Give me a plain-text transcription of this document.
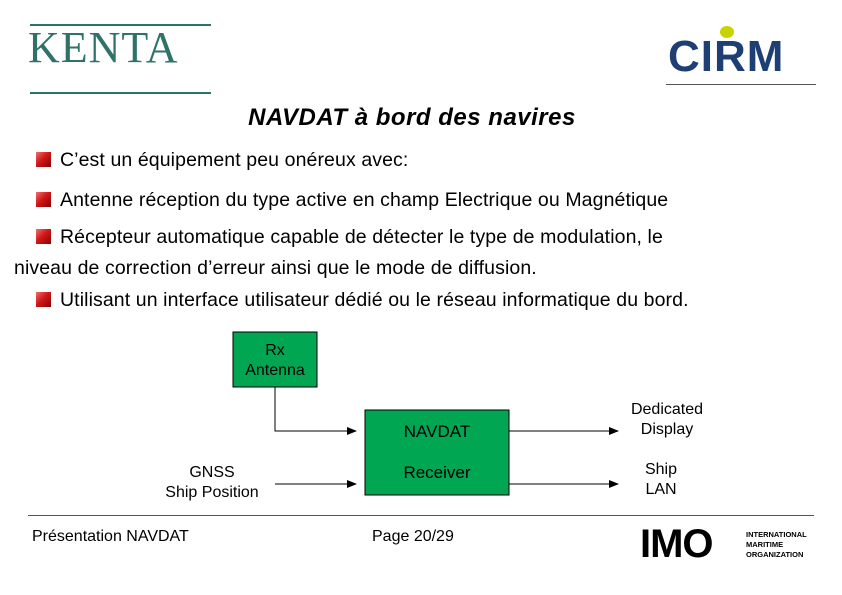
KENTA	CIRM
NAVDAT à bord des navires
C’est un équipement peu onéreux avec:
Antenne réception du type active en champ Electrique ou Magnétique
Récepteur automatique capable de détecter le type de modulation, le
niveau de correction d’erreur ainsi que le mode de diffusion.
Utilisant un interface utilisateur dédié ou le réseau informatique du bord.
Rx
Antenna
NAVDAT
Receiver
Dedicated
Display
Ship
LAN
GNSS
Ship Position
Présentation NAVDAT	Page 20/29	IMO	INTERNATIONAL
MARITIME
ORGANIZATION
